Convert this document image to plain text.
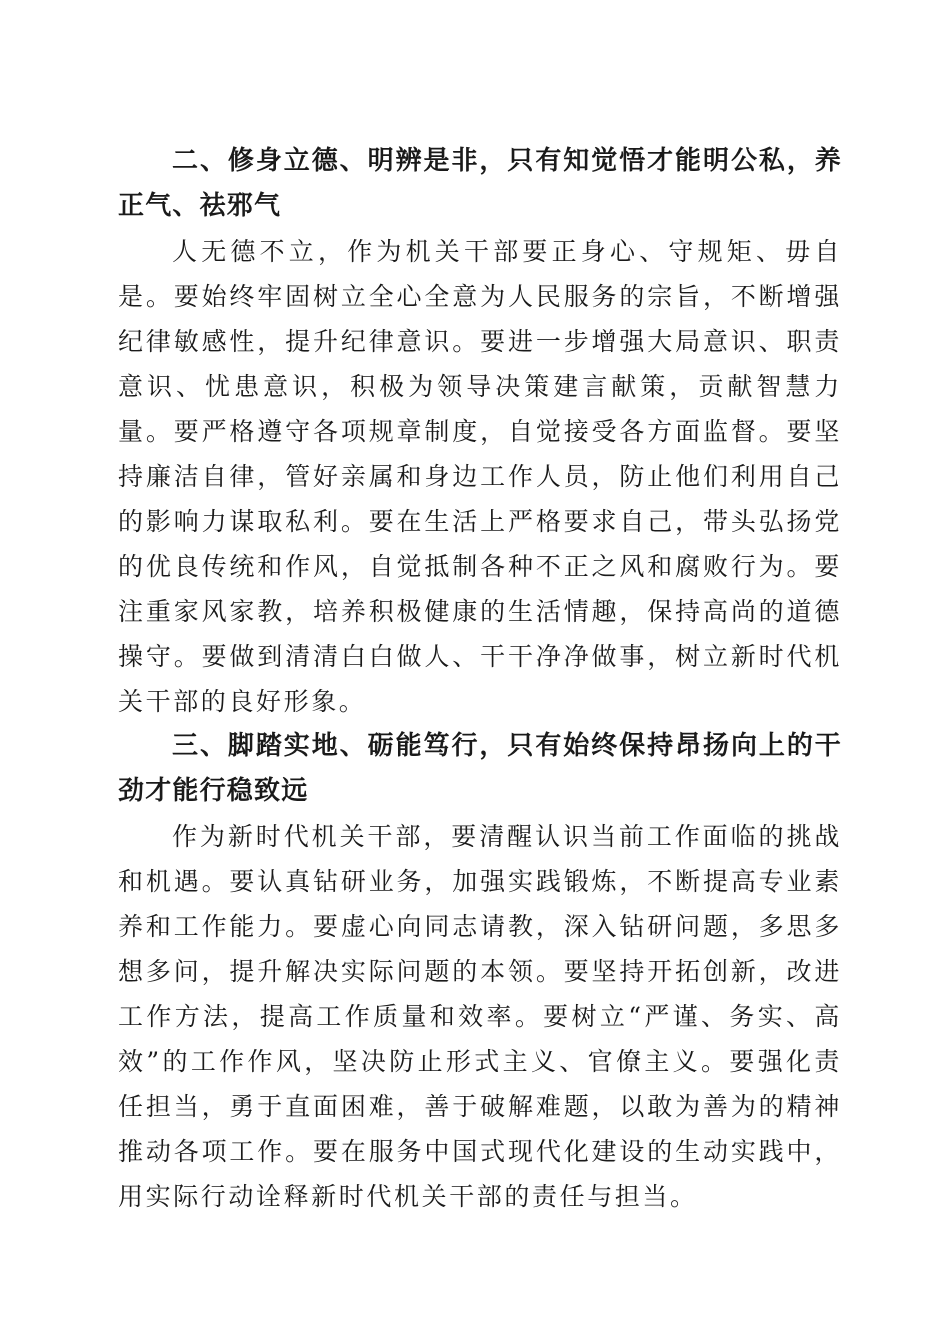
二、修身立德、明辨是非，只有知觉悟才能明公私，养正气、祛邪气

人无德不立，作为机关干部要正身心、守规矩、毋自是。要始终牢固树立全心全意为人民服务的宗旨，不断增强纪律敏感性，提升纪律意识。要进一步增强大局意识、职责意识、忧患意识，积极为领导决策建言献策，贡献智慧力量。要严格遵守各项规章制度，自觉接受各方面监督。要坚持廉洁自律，管好亲属和身边工作人员，防止他们利用自己的影响力谋取私利。要在生活上严格要求自己，带头弘扬党的优良传统和作风，自觉抵制各种不正之风和腐败行为。要注重家风家教，培养积极健康的生活情趣，保持高尚的道德操守。要做到清清白白做人、干干净净做事，树立新时代机关干部的良好形象。

三、脚踏实地、砺能笃行，只有始终保持昂扬向上的干劲才能行稳致远

作为新时代机关干部，要清醒认识当前工作面临的挑战和机遇。要认真钻研业务，加强实践锻炼，不断提高专业素养和工作能力。要虚心向同志请教，深入钻研问题，多思多想多问，提升解决实际问题的本领。要坚持开拓创新，改进工作方法，提高工作质量和效率。要树立“严谨、务实、高效”的工作作风，坚决防止形式主义、官僚主义。要强化责任担当，勇于直面困难，善于破解难题，以敢为善为的精神推动各项工作。要在服务中国式现代化建设的生动实践中，用实际行动诠释新时代机关干部的责任与担当。
